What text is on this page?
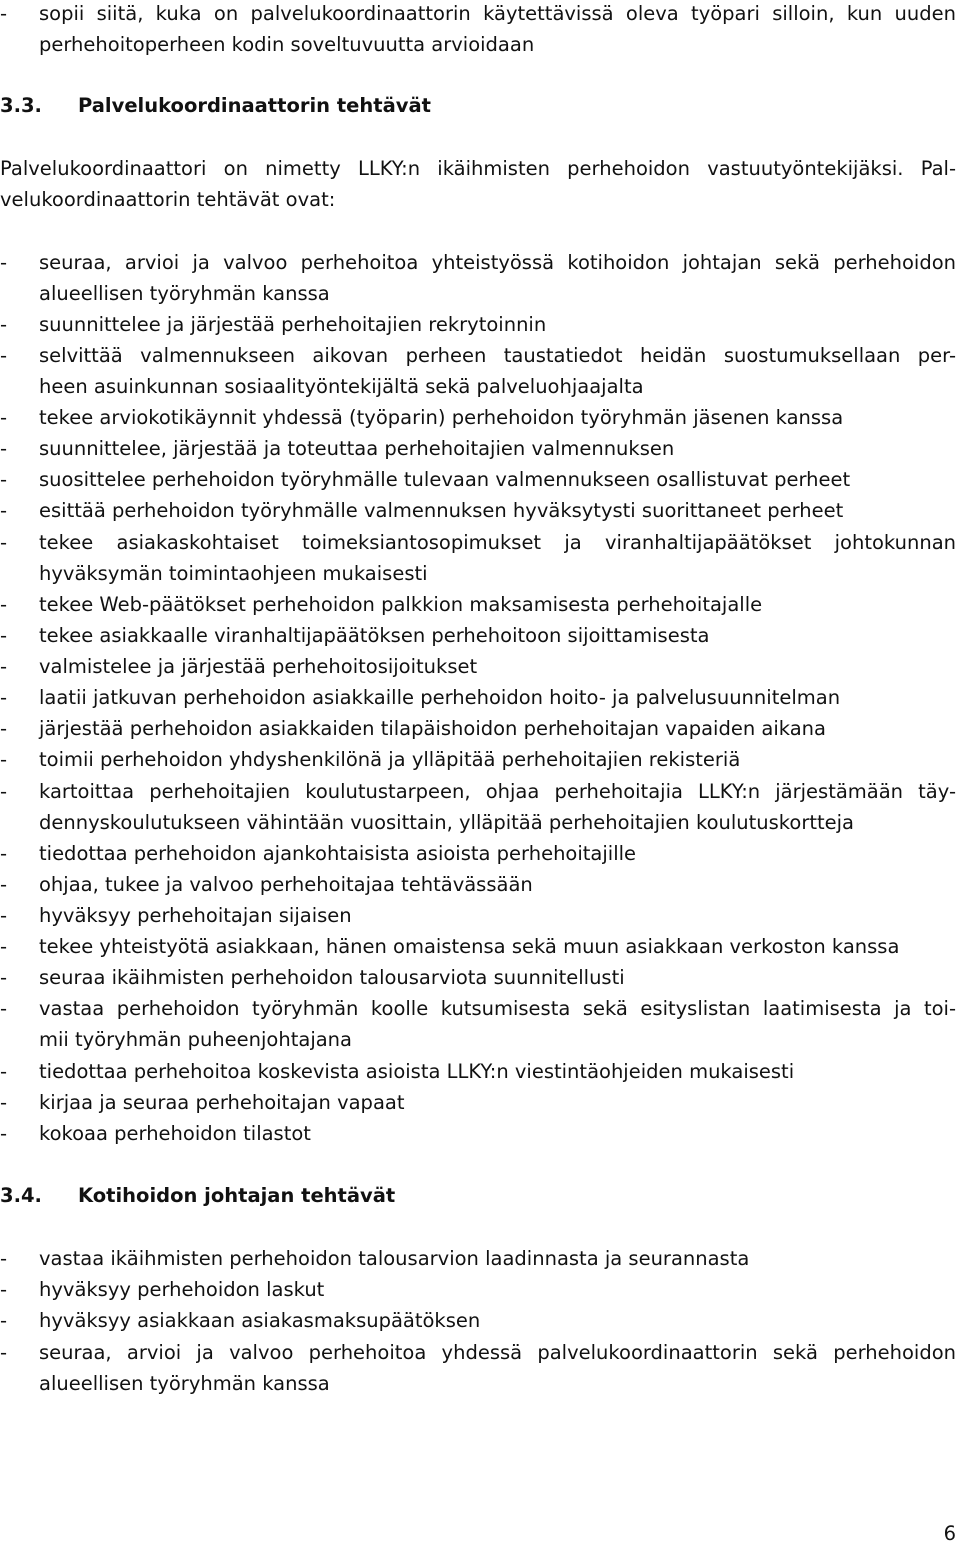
- sopii siitä, kuka on palvelukoordinaattorin käytettävissä oleva työpari silloin, kun uuden
perhehoitoperheen kodin soveltuvuutta arvioidaan
3.3. Palvelukoordinaattorin tehtävät
Palvelukoordinaattori on nimetty LLKY:n ikäihmisten perhehoidon vastuutyöntekijäksi. Pal-
velukoordinaattorin tehtävät ovat:
- seuraa, arvioi ja valvoo perhehoitoa yhteistyössä kotihoidon johtajan sekä perhehoidon
alueellisen työryhmän kanssa
- suunnittelee ja järjestää perhehoitajien rekrytoinnin
- selvittää valmennukseen aikovan perheen taustatiedot heidän suostumuksellaan per-
heen asuinkunnan sosiaalityöntekijältä sekä palveluohjaajalta
- tekee arviokotikäynnit yhdessä (työparin) perhehoidon työryhmän jäsenen kanssa
- suunnittelee, järjestää ja toteuttaa perhehoitajien valmennuksen
- suosittelee perhehoidon työryhmälle tulevaan valmennukseen osallistuvat perheet
- esittää perhehoidon työryhmälle valmennuksen hyväksytysti suorittaneet perheet
- tekee asiakaskohtaiset toimeksiantosopimukset ja viranhaltijapäätökset johtokunnan
hyväksymän toimintaohjeen mukaisesti
- tekee Web-päätökset perhehoidon palkkion maksamisesta perhehoitajalle
- tekee asiakkaalle viranhaltijapäätöksen perhehoitoon sijoittamisesta
- valmistelee ja järjestää perhehoitosijoitukset
- laatii jatkuvan perhehoidon asiakkaille perhehoidon hoito- ja palvelusuunnitelman
- järjestää perhehoidon asiakkaiden tilapäishoidon perhehoitajan vapaiden aikana
- toimii perhehoidon yhdyshenkilönä ja ylläpitää perhehoitajien rekisteriä
- kartoittaa perhehoitajien koulutustarpeen, ohjaa perhehoitajia LLKY:n järjestämään täy-
dennyskoulutukseen vähintään vuosittain, ylläpitää perhehoitajien koulutuskortteja
- tiedottaa perhehoidon ajankohtaisista asioista perhehoitajille
- ohjaa, tukee ja valvoo perhehoitajaa tehtävässään
- hyväksyy perhehoitajan sijaisen
- tekee yhteistyötä asiakkaan, hänen omaistensa sekä muun asiakkaan verkoston kanssa
- seuraa ikäihmisten perhehoidon talousarviota suunnitellusti
- vastaa perhehoidon työryhmän koolle kutsumisesta sekä esityslistan laatimisesta ja toi-
mii työryhmän puheenjohtajana
- tiedottaa perhehoitoa koskevista asioista LLKY:n viestintäohjeiden mukaisesti
- kirjaa ja seuraa perhehoitajan vapaat
- kokoaa perhehoidon tilastot
3.4. Kotihoidon johtajan tehtävät
- vastaa ikäihmisten perhehoidon talousarvion laadinnasta ja seurannasta
- hyväksyy perhehoidon laskut
- hyväksyy asiakkaan asiakasmaksupäätöksen
- seuraa, arvioi ja valvoo perhehoitoa yhdessä palvelukoordinaattorin sekä perhehoidon
alueellisen työryhmän kanssa
6
